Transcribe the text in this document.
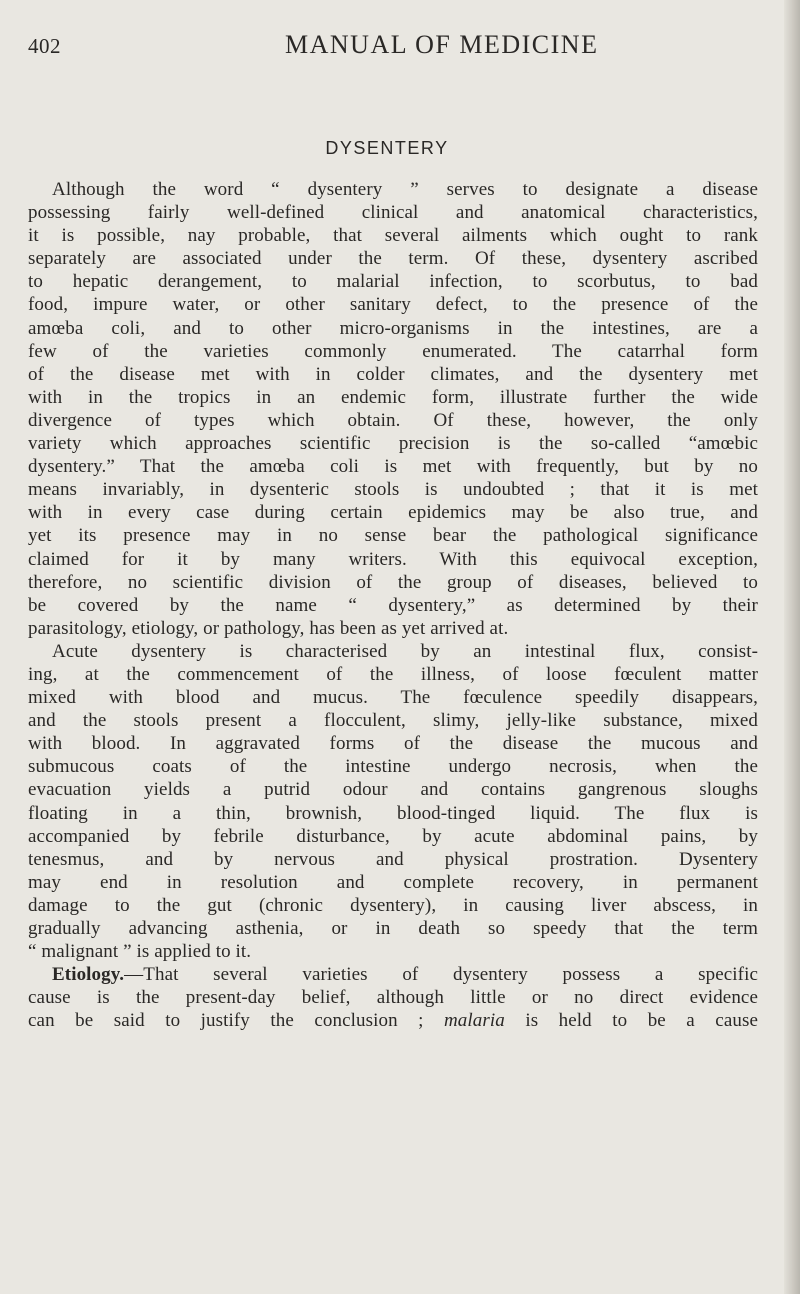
402	MANUAL OF MEDICINE
DYSENTERY
Although the word “ dysentery ” serves to designate a disease
possessing fairly well-defined clinical and anatomical characteristics,
it is possible, nay probable, that several ailments which ought to rank
separately are associated under the term. Of these, dysentery ascribed
to hepatic derangement, to malarial infection, to scorbutus, to bad
food, impure water, or other sanitary defect, to the presence of the
amœba coli, and to other micro-organisms in the intestines, are a
few of the varieties commonly enumerated. The catarrhal form
of the disease met with in colder climates, and the dysentery met
with in the tropics in an endemic form, illustrate further the wide
divergence of types which obtain. Of these, however, the only
variety which approaches scientific precision is the so-called “amœbic
dysentery.” That the amœba coli is met with frequently, but by no
means invariably, in dysenteric stools is undoubted ; that it is met
with in every case during certain epidemics may be also true, and
yet its presence may in no sense bear the pathological significance
claimed for it by many writers. With this equivocal exception,
therefore, no scientific division of the group of diseases, believed to
be covered by the name “ dysentery,” as determined by their
parasitology, etiology, or pathology, has been as yet arrived at.
Acute dysentery is characterised by an intestinal flux, consist-
ing, at the commencement of the illness, of loose fœculent matter
mixed with blood and mucus. The fœculence speedily disappears,
and the stools present a flocculent, slimy, jelly-like substance, mixed
with blood. In aggravated forms of the disease the mucous and
submucous coats of the intestine undergo necrosis, when the
evacuation yields a putrid odour and contains gangrenous sloughs
floating in a thin, brownish, blood-tinged liquid. The flux is
accompanied by febrile disturbance, by acute abdominal pains, by
tenesmus, and by nervous and physical prostration. Dysentery
may end in resolution and complete recovery, in permanent
damage to the gut (chronic dysentery), in causing liver abscess, in
gradually advancing asthenia, or in death so speedy that the term
“ malignant ” is applied to it.
Etiology.—That several varieties of dysentery possess a specific
cause is the present-day belief, although little or no direct evidence
can be said to justify the conclusion ; malaria is held to be a cause
